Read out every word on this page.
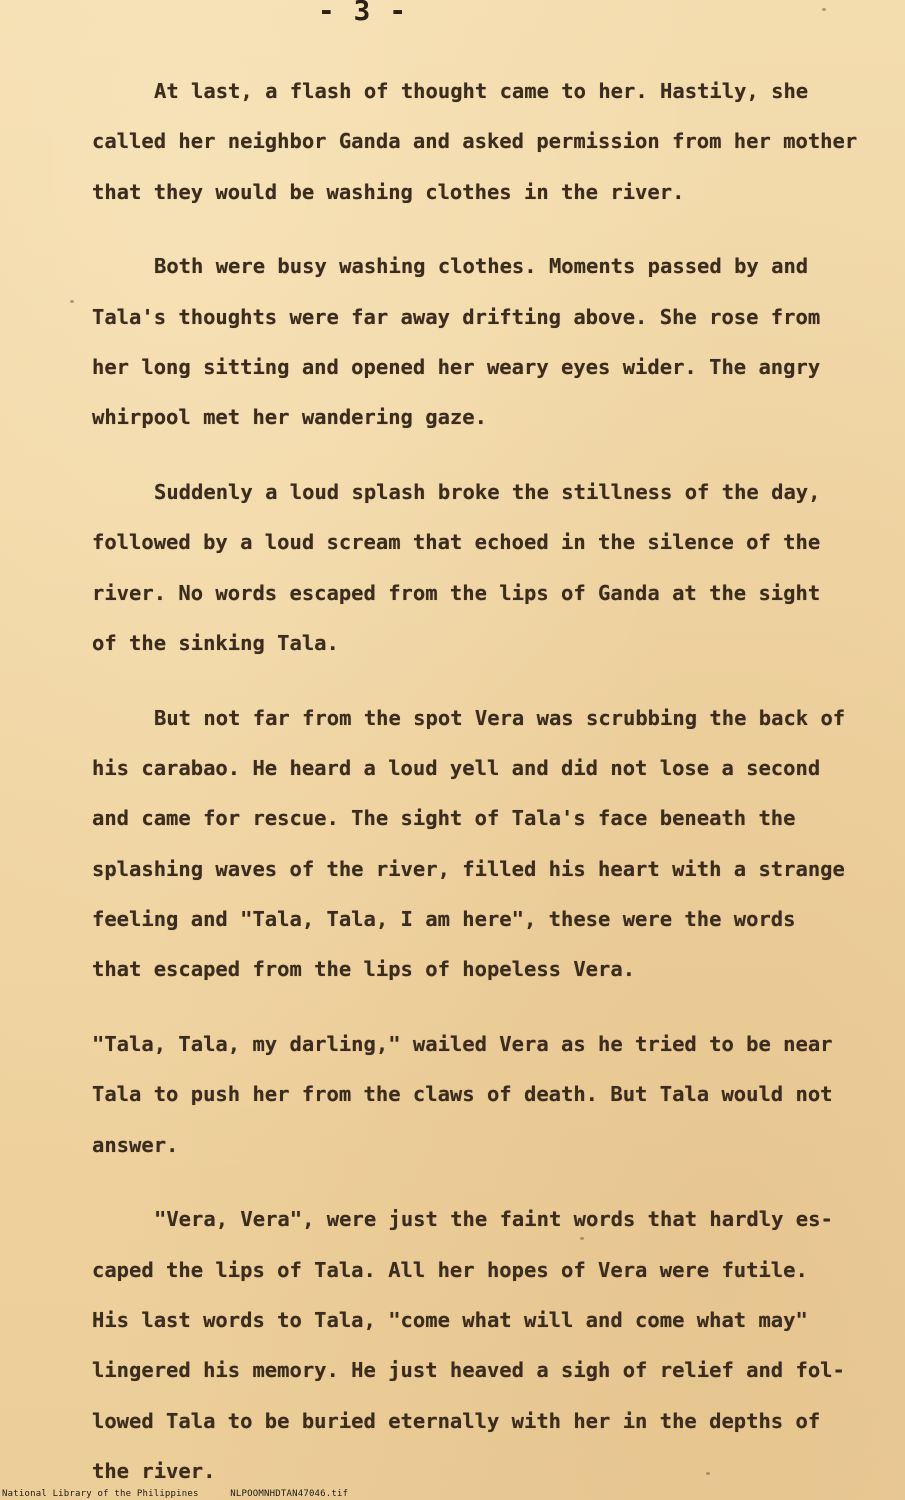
- 3 -

At last, a flash of thought came to her. Hastily, she
called her neighbor Ganda and asked permission from her mother
that they would be washing clothes in the river.

Both were busy washing clothes. Moments passed by and
Tala's thoughts were far away drifting above. She rose from
her long sitting and opened her weary eyes wider. The angry
whirpool met her wandering gaze.

Suddenly a loud splash broke the stillness of the day,
followed by a loud scream that echoed in the silence of the
river. No words escaped from the lips of Ganda at the sight
of the sinking Tala.

But not far from the spot Vera was scrubbing the back of
his carabao. He heard a loud yell and did not lose a second
and came for rescue. The sight of Tala's face beneath the
splashing waves of the river, filled his heart with a strange
feeling and "Tala, Tala, I am here", these were the words
that escaped from the lips of hopeless Vera.

"Tala, Tala, my darling," wailed Vera as he tried to be near
Tala to push her from the claws of death. But Tala would not
answer.

"Vera, Vera", were just the faint words that hardly es-
caped the lips of Tala. All her hopes of Vera were futile.
His last words to Tala, "come what will and come what may"
lingered his memory. He just heaved a sigh of relief and fol-
lowed Tala to be buried eternally with her in the depths of
the river.

National Library of the Philippines	NLPOOMNHDTAN47046.tif
